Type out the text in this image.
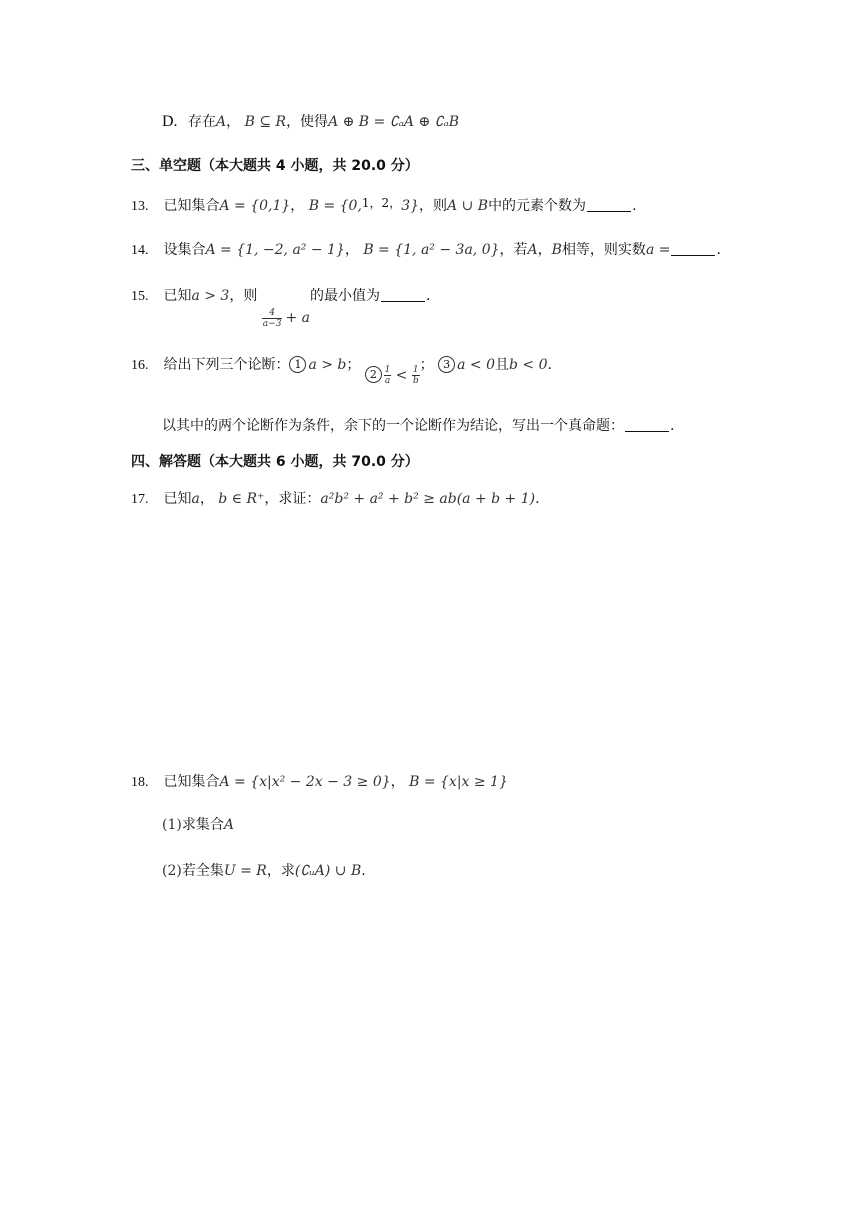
D. 存在A， B ⊆ R，使得A ⊕ B = ∁ₐA ⊕ ∁ₐB
三、单空题（本大题共 4 小题，共 20.0 分）
13. 已知集合A = {0,1}， B = {0,1，2，3}，则A ∪ B中的元素个数为	.
14. 设集合A = {1, −2, a² − 1}， B = {1, a² − 3a, 0}，若A，B相等，则实数a =	.
15. 已知a > 3，则 $\frac{4}{a-3} + a$的最小值为	.
16. 给出下列三个论断： 1 a > b； $2 \frac{1}{a} < \frac{1}{b}$ ； 3 a < 0且b < 0.
以其中的两个论断作为条件，余下的一个论断作为结论，写出一个真命题：	.
四、解答题（本大题共 6 小题，共 70.0 分）
17. 已知a， b ∈ R⁺，求证：a²b² + a² + b² ≥ ab(a + b + 1).
18. 已知集合A = {x|x² − 2x − 3 ≥ 0}， B = {x|x ≥ 1}
(1)求集合A
(2)若全集U = R，求(∁ᵤA) ∪ B.
